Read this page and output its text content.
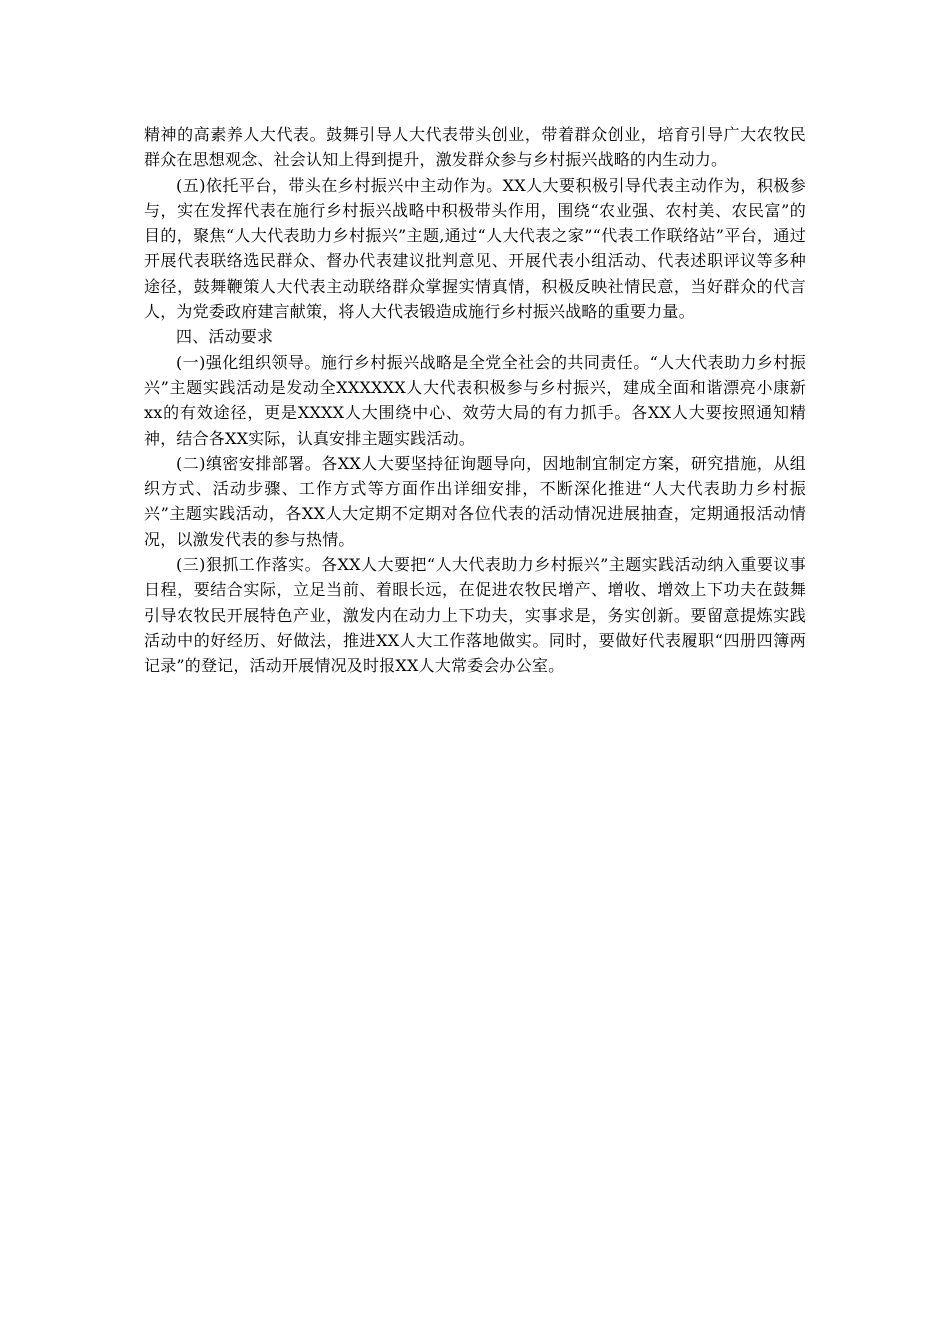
精神的高素养人大代表。鼓舞引导人大代表带头创业，带着群众创业，培育引导广大农牧民群众在思想观念、社会认知上得到提升，激发群众参与乡村振兴战略的内生动力。

(五)依托平台，带头在乡村振兴中主动作为。XX人大要积极引导代表主动作为，积极参与，实在发挥代表在施行乡村振兴战略中积极带头作用，围绕“农业强、农村美、农民富”的目的，聚焦“人大代表助力乡村振兴”主题,通过“人大代表之家”“代表工作联络站”平台，通过开展代表联络选民群众、督办代表建议批判意见、开展代表小组活动、代表述职评议等多种途径，鼓舞鞭策人大代表主动联络群众掌握实情真情，积极反映社情民意，当好群众的代言人，为党委政府建言献策，将人大代表锻造成施行乡村振兴战略的重要力量。

四、活动要求

(一)强化组织领导。施行乡村振兴战略是全党全社会的共同责任。“人大代表助力乡村振兴”主题实践活动是发动全XXXXXX人大代表积极参与乡村振兴，建成全面和谐漂亮小康新xx的有效途径，更是XXXX人大围绕中心、效劳大局的有力抓手。各XX人大要按照通知精神，结合各XX实际，认真安排主题实践活动。

(二)缜密安排部署。各XX人大要坚持征询题导向，因地制宜制定方案，研究措施，从组织方式、活动步骤、工作方式等方面作出详细安排，不断深化推进“人大代表助力乡村振兴”主题实践活动，各XX人大定期不定期对各位代表的活动情况进展抽查，定期通报活动情况，以激发代表的参与热情。

(三)狠抓工作落实。各XX人大要把“人大代表助力乡村振兴”主题实践活动纳入重要议事日程，要结合实际，立足当前、着眼长远，在促进农牧民增产、增收、增效上下功夫在鼓舞引导农牧民开展特色产业，激发内在动力上下功夫，实事求是，务实创新。要留意提炼实践活动中的好经历、好做法，推进XX人大工作落地做实。同时，要做好代表履职“四册四簿两记录”的登记，活动开展情况及时报XX人大常委会办公室。
